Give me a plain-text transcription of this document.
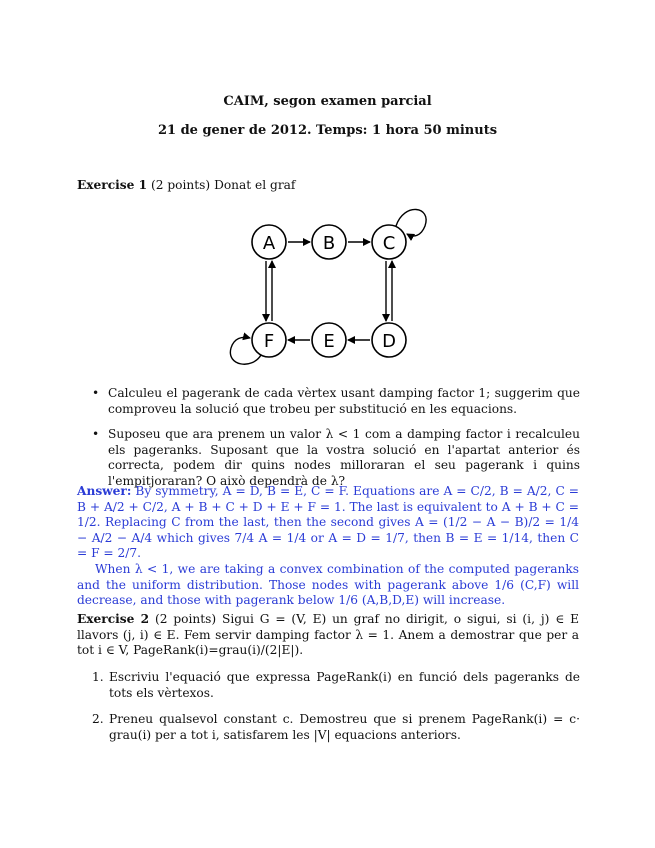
CAIM, segon examen parcial
21 de gener de 2012. Temps: 1 hora 50 minuts
Exercise 1 (2 points) Donat el graf
A	B	C
D
E
F
• Calculeu el pagerank de cada vèrtex usant damping factor 1; suggerim que comproveu la solució que trobeu per substitució en les equacions.

• Suposeu que ara prenem un valor λ < 1 com a damping factor i recalculeu els pageranks. Suposant que la vostra solució en l'apartat anterior és correcta, podem dir quins nodes milloraran el seu pagerank i quins l'empitjoraran? O això dependrà de λ?

Answer: By symmetry, A = D, B = E, C = F. Equations are A = C/2, B = A/2, C = B + A/2 + C/2, A + B + C + D + E + F = 1. The last is equivalent to A + B + C = 1/2. Replacing C from the last, then the second gives A = (1/2 − A − B)/2 = 1/4 − A/2 − A/4 which gives 7/4 A = 1/4 or A = D = 1/7, then B = E = 1/14, then C = F = 2/7.

When λ < 1, we are taking a convex combination of the computed pageranks and the uniform distribution. Those nodes with pagerank above 1/6 (C,F) will decrease, and those with pagerank below 1/6 (A,B,D,E) will increase.

Exercise 2 (2 points) Sigui G = (V, E) un graf no dirigit, o sigui, si (i, j) ∈ E llavors (j, i) ∈ E. Fem servir damping factor λ = 1. Anem a demostrar que per a tot i ∈ V, PageRank(i)=grau(i)/(2|E|).
1. Escriviu l'equació que expressa PageRank(i) en funció dels pageranks de tots els vèrtexos.

2. Preneu qualsevol constant c. Demostreu que si prenem PageRank(i) = c· grau(i) per a tot i, satisfarem les |V| equacions anteriors.
